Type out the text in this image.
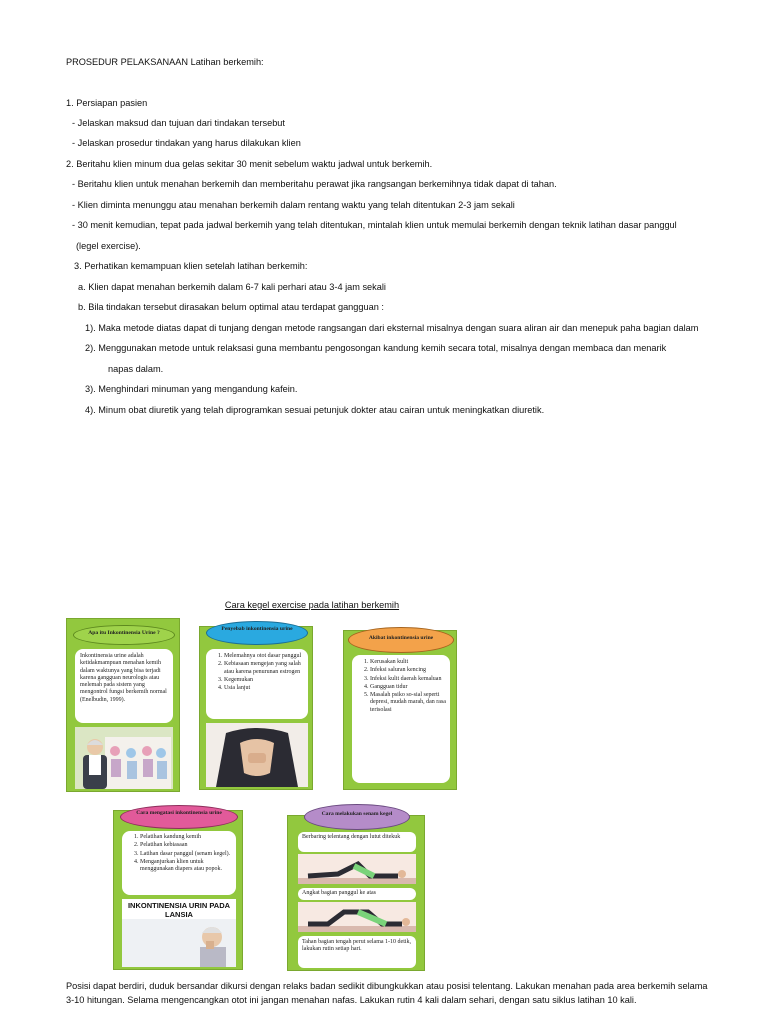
PROSEDUR PELAKSANAAN Latihan berkemih:
1. Persiapan pasien
- Jelaskan maksud dan tujuan dari tindakan tersebut
- Jelaskan prosedur tindakan yang harus dilakukan klien
2. Beritahu klien minum dua gelas sekitar 30 menit sebelum waktu jadwal untuk berkemih.
- Beritahu klien untuk menahan berkemih dan memberitahu perawat jika rangsangan berkemihnya tidak dapat di tahan.
- Klien diminta menunggu atau menahan berkemih dalam rentang waktu yang telah ditentukan 2-3 jam sekali
- 30 menit kemudian, tepat pada jadwal berkemih yang telah ditentukan, mintalah klien untuk memulai berkemih dengan teknik latihan dasar panggul
(legel exercise).
3. Perhatikan kemampuan klien setelah latihan berkemih:
a. Klien dapat menahan berkemih dalam 6-7 kali perhari atau 3-4 jam sekali
b. Bila tindakan tersebut dirasakan belum optimal atau terdapat gangguan :
1). Maka metode diatas dapat di tunjang dengan metode rangsangan dari eksternal misalnya dengan suara aliran air dan menepuk paha bagian dalam
2). Menggunakan metode untuk relaksasi guna membantu pengosongan kandung kemih secara total, misalnya dengan membaca dan menarik
napas dalam.
3). Menghindari minuman yang mengandung kafein.
4). Minum obat diuretik yang telah diprogramkan sesuai petunjuk dokter atau cairan untuk meningkatkan diuretik.
Cara kegel exercise pada latihan berkemih
Apa itu Inkontinensia Urine ?
Inkontinensia urine adalah ketidakmampuan menahan kemih dalam waktunya yang bisa terjadi karena gangguan neurologis atau melemah pada sistem yang mengontrol fungsi berkemih normal (Enelbudin, 1999).
Penyebab inkontinensia urine
1. Melemahnya otot dasar panggul
2. Kebiasaan mengejan yang salah atau karena penurunan estrogen
3. Kegemukan
4. Usia lanjut
Akibat inkontinensia urine
1. Kerusakan kulit
2. Infeksi saluran kencing
3. Infeksi kulit daerah kemaluan
4. Gangguan tidur
5. Masalah psiko so-sial seperti depresi, mudah marah, dan rasa terisolasi
Cara mengatasi inkontinensia urine
1. Pelatihan kandung kemih
2. Pelatihan kebiasaan
3. Latihan dasar panggul (senam kegel).
4. Menganjurkan klien untuk menggunakan diapers atau popok.
INKONTINENSIA URIN PADA LANSIA
Cara melakukan senam kegel
Berbaring telentang dengan lutut ditekuk
Angkat bagian panggul ke atas
Tahan bagian tengah perut selama 1-10 detik, lakukan rutin setiap hari.
Posisi dapat berdiri, duduk bersandar dikursi dengan relaks badan sedikit dibungkukkan atau posisi telentang. Lakukan menahan pada area berkemih selama 3-10 hitungan. Selama mengencangkan otot ini jangan menahan nafas. Lakukan rutin 4 kali dalam sehari, dengan satu siklus latihan 10 kali.
